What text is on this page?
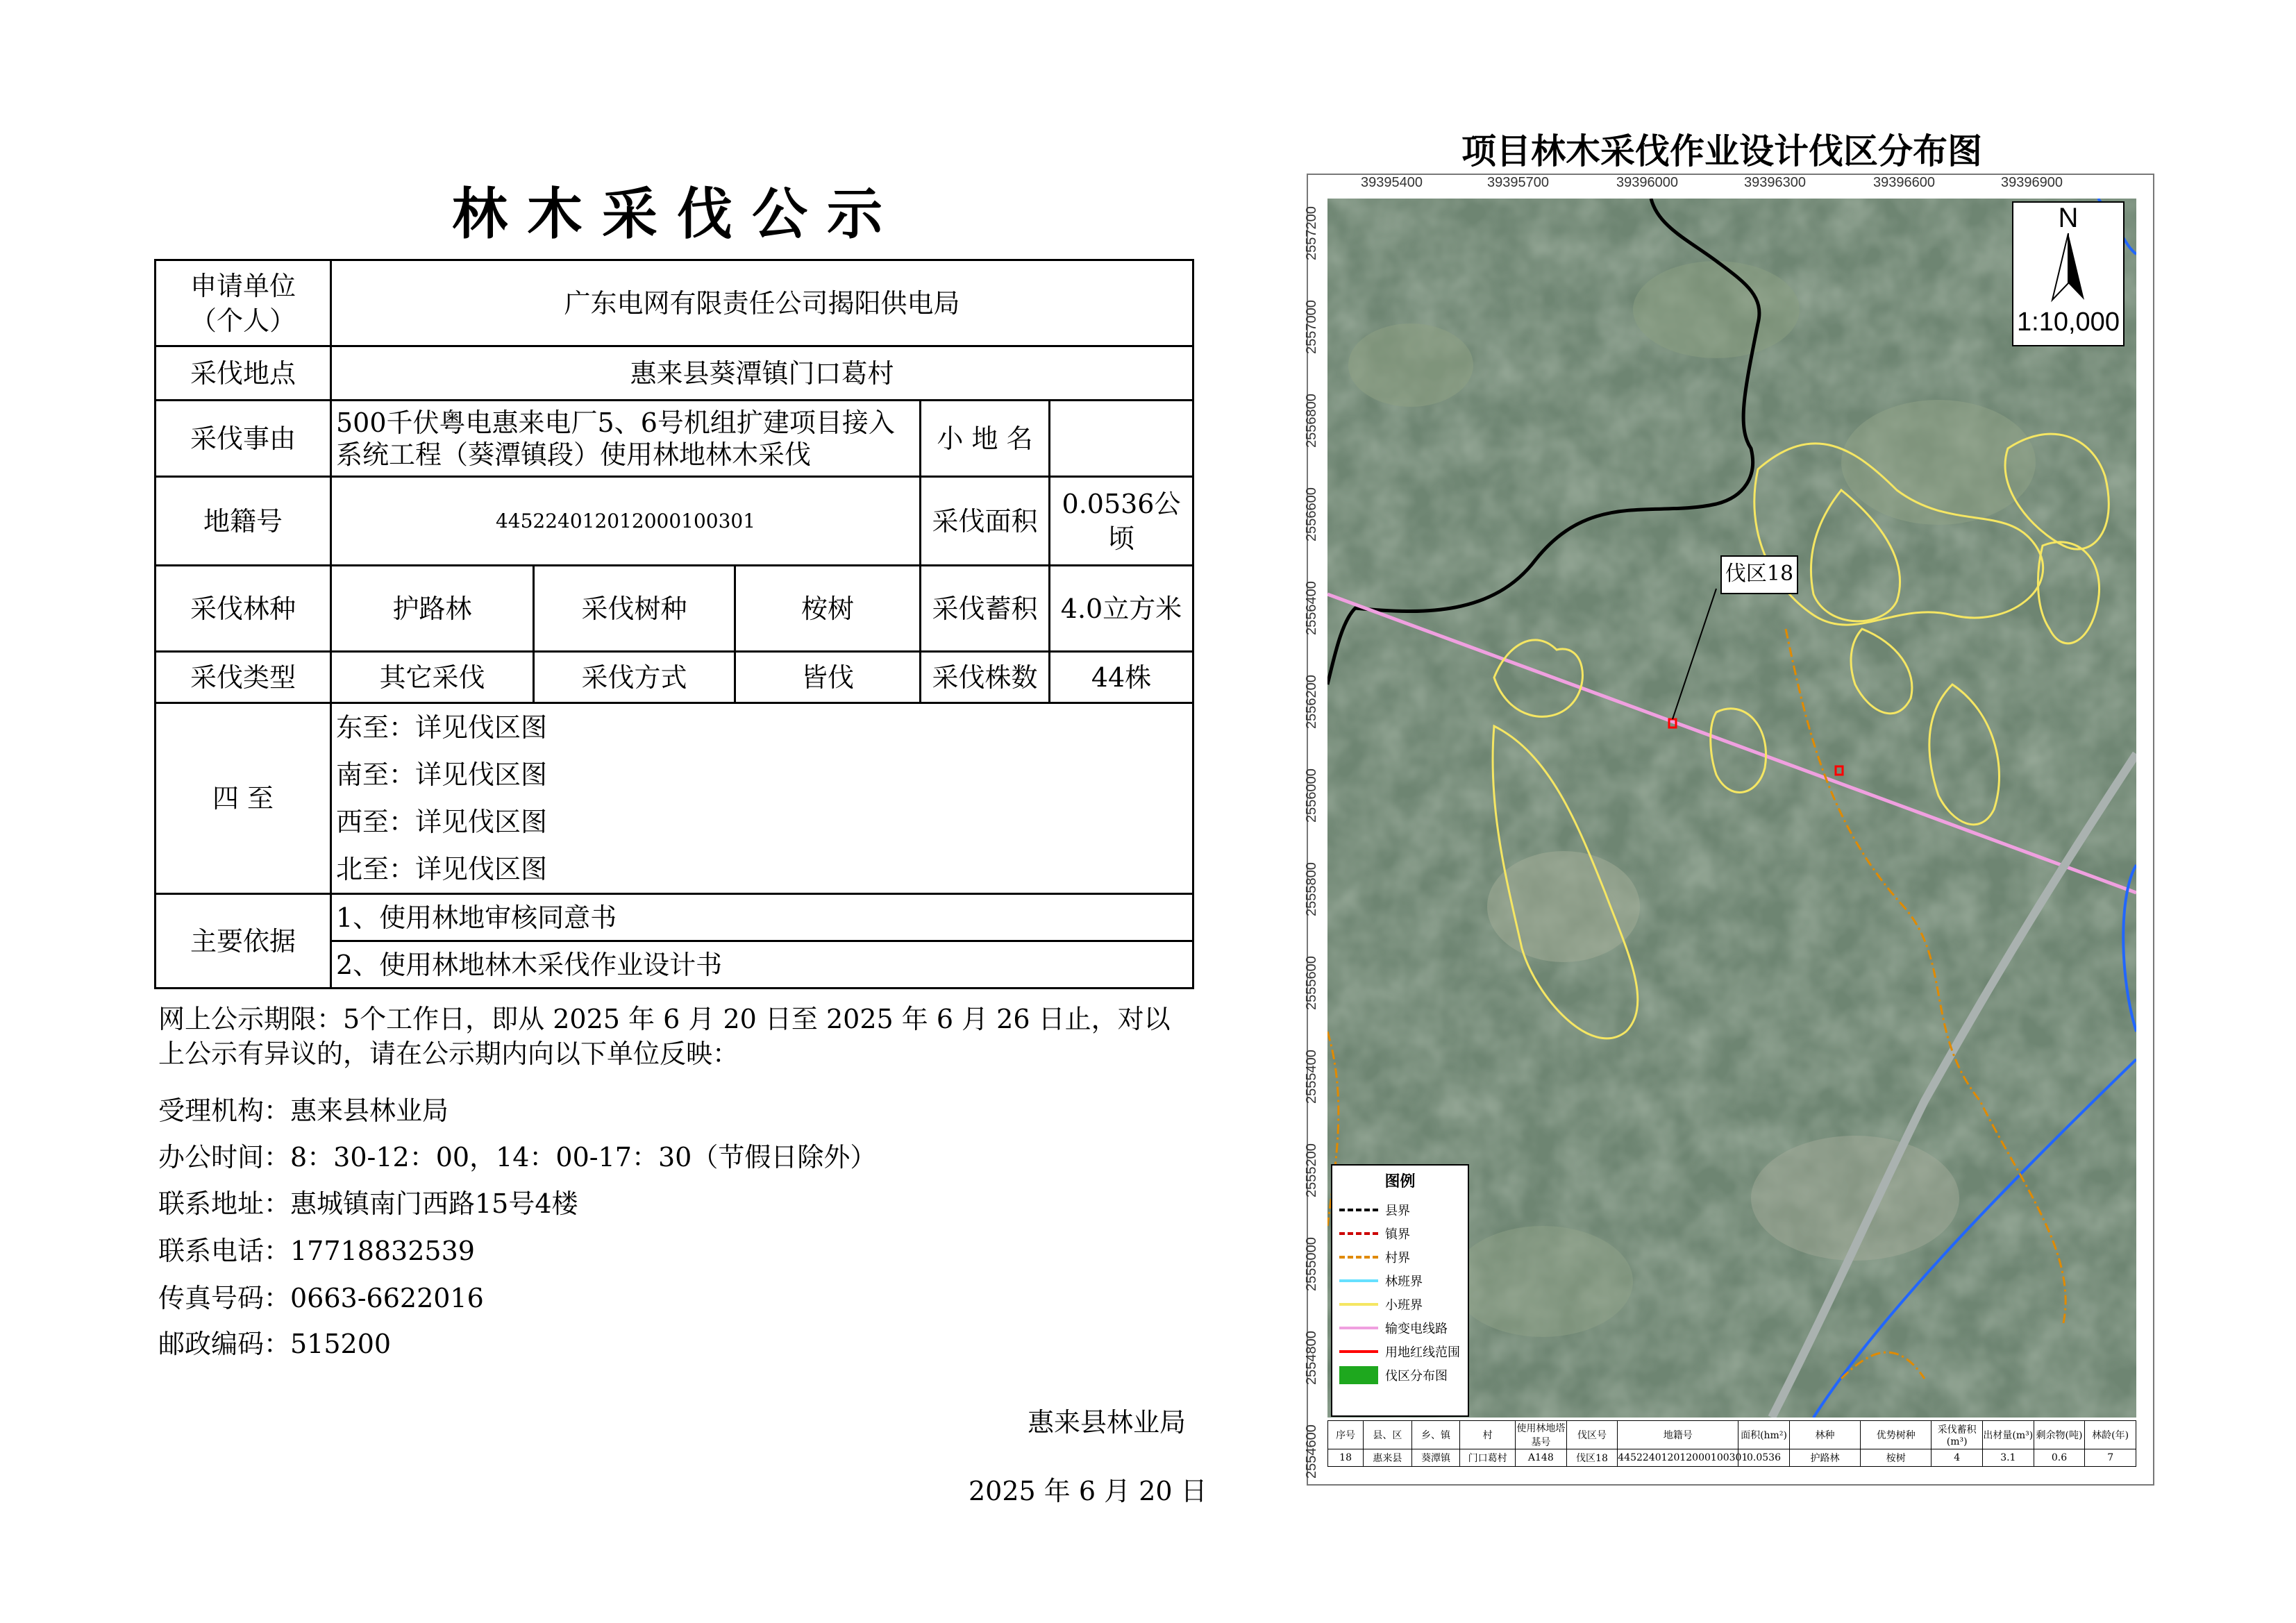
林木采伐公示
申请单位
（个人）	广东电网有限责任公司揭阳供电局				
采伐地点	惠来县葵潭镇门口葛村				
采伐事由	500千伏粤电惠来电厂5、6号机组扩建项目接入系统工程（葵潭镇段）使用林地林木采伐			小 地 名	
地籍号	445224012012000100301			采伐面积	0.0536公顷
采伐林种	护路林	采伐树种	桉树	采伐蓄积	4.0立方米
采伐类型	其它采伐	采伐方式	皆伐	采伐株数	44株
四 至	东至：详见伐区图
南至：详见伐区图
西至：详见伐区图
北至：详见伐区图				

主要依据	1、使用林地审核同意书				
	2、使用林地林木采伐作业设计书				
网上公示期限：5个工作日，即从 2025 年 6 月 20 日至 2025 年 6 月 26 日止，对以上公示有异议的，请在公示期内向以下单位反映：
受理机构：惠来县林业局
办公时间：8：30-12：00，14：00-17：30（节假日除外）
联系地址：惠城镇南门西路15号4楼
联系电话：17718832539
传真号码：0663-6622016
邮政编码：515200
惠来县林业局
2025 年 6 月 20 日
项目林木采伐作业设计伐区分布图
39395400	39395700	39396000	39396300	39396600	39396900
2557200
2557000
2556800
2556600
2556400
2556200
2556000
2555800
2555600
2555400
2555200
2555000
2554800
2554600
N
1:10,000
伐区18
图例
县界
镇界
村界
林班界
小班界
输变电线路
用地红线范围
伐区分布图
序号	县、区	乡、镇	村	使用林地塔基号	伐区号	地籍号	面积(hm²)	林种	优势树种	采伐蓄积(m³)	出材量(m³)	剩余物(吨)	林龄(年)
18	惠来县	葵潭镇	门口葛村	A148	伐区18	445224012012000100301	0.0536	护路林	桉树	4	3.1	0.6	7
